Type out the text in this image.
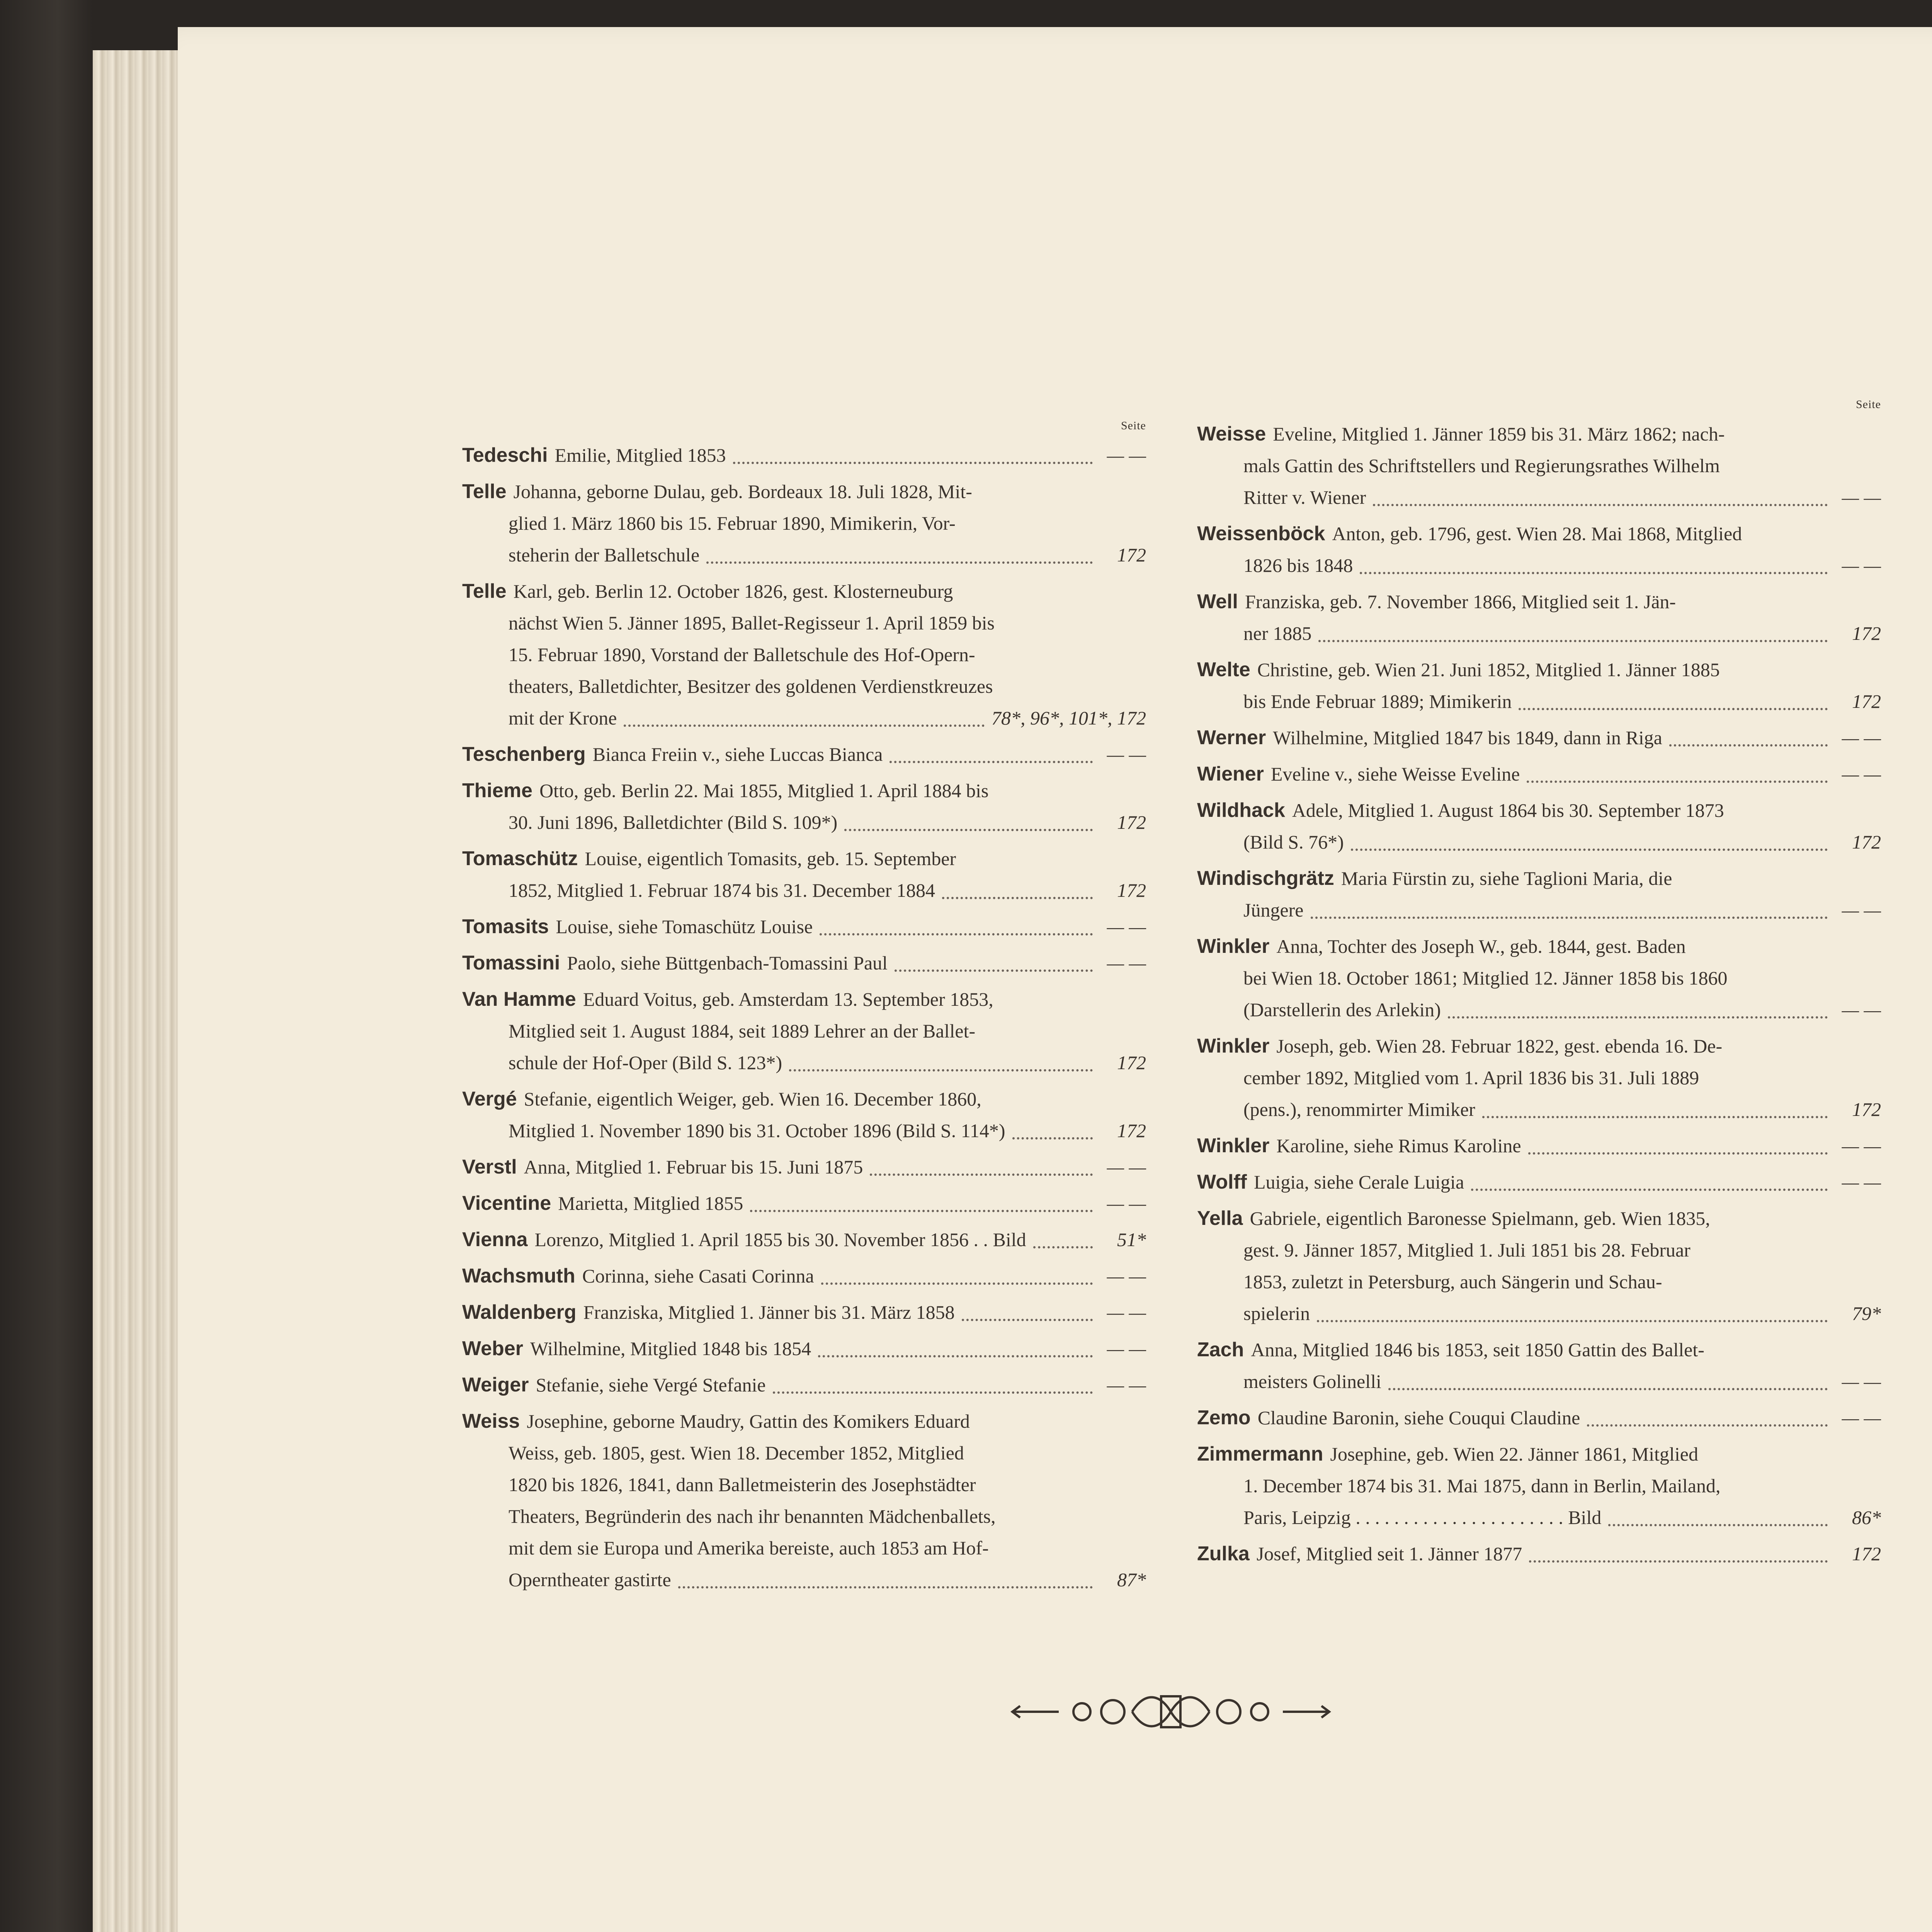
Seite
Tedeschi Emilie, Mitglied 1853	— —
Telle Johanna, geborne Dulau, geb. Bordeaux 18. Juli 1828, Mit-
glied 1. März 1860 bis 15. Februar 1890, Mimikerin, Vor-
steherin der Balletschule	172
Telle Karl, geb. Berlin 12. October 1826, gest. Klosterneuburg
nächst Wien 5. Jänner 1895, Ballet-Regisseur 1. April 1859 bis
15. Februar 1890, Vorstand der Balletschule des Hof-Opern-
theaters, Balletdichter, Besitzer des goldenen Verdienstkreuzes
mit der Krone	78*, 96*, 101*, 172
Teschenberg Bianca Freiin v., siehe Luccas Bianca	— —
Thieme Otto, geb. Berlin 22. Mai 1855, Mitglied 1. April 1884 bis
30. Juni 1896, Balletdichter (Bild S. 109*)	172
Tomaschütz Louise, eigentlich Tomasits, geb. 15. September
1852, Mitglied 1. Februar 1874 bis 31. December 1884	172
Tomasits Louise, siehe Tomaschütz Louise	— —
Tomassini Paolo, siehe Büttgenbach-Tomassini Paul	— —
Van Hamme Eduard Voitus, geb. Amsterdam 13. September 1853,
Mitglied seit 1. August 1884, seit 1889 Lehrer an der Ballet-
schule der Hof-Oper (Bild S. 123*)	172
Vergé Stefanie, eigentlich Weiger, geb. Wien 16. December 1860,
Mitglied 1. November 1890 bis 31. October 1896 (Bild S. 114*)	172
Verstl Anna, Mitglied 1. Februar bis 15. Juni 1875	— —
Vicentine Marietta, Mitglied 1855	— —
Vienna Lorenzo, Mitglied 1. April 1855 bis 30. November 1856 . . Bild	51*
Wachsmuth Corinna, siehe Casati Corinna	— —
Waldenberg Franziska, Mitglied 1. Jänner bis 31. März 1858	— —
Weber Wilhelmine, Mitglied 1848 bis 1854	— —
Weiger Stefanie, siehe Vergé Stefanie	— —
Weiss Josephine, geborne Maudry, Gattin des Komikers Eduard
Weiss, geb. 1805, gest. Wien 18. December 1852, Mitglied
1820 bis 1826, 1841, dann Balletmeisterin des Josephstädter
Theaters, Begründerin des nach ihr benannten Mädchenballets,
mit dem sie Europa und Amerika bereiste, auch 1853 am Hof-
Operntheater gastirte	87*
Seite
Weisse Eveline, Mitglied 1. Jänner 1859 bis 31. März 1862; nach-
mals Gattin des Schriftstellers und Regierungsrathes Wilhelm
Ritter v. Wiener	— —
Weissenböck Anton, geb. 1796, gest. Wien 28. Mai 1868, Mitglied
1826 bis 1848	— —
Well Franziska, geb. 7. November 1866, Mitglied seit 1. Jän-
ner 1885	172
Welte Christine, geb. Wien 21. Juni 1852, Mitglied 1. Jänner 1885
bis Ende Februar 1889; Mimikerin	172
Werner Wilhelmine, Mitglied 1847 bis 1849, dann in Riga	— —
Wiener Eveline v., siehe Weisse Eveline	— —
Wildhack Adele, Mitglied 1. August 1864 bis 30. September 1873
(Bild S. 76*)	172
Windischgrätz Maria Fürstin zu, siehe Taglioni Maria, die
Jüngere	— —
Winkler Anna, Tochter des Joseph W., geb. 1844, gest. Baden
bei Wien 18. October 1861; Mitglied 12. Jänner 1858 bis 1860
(Darstellerin des Arlekin)	— —
Winkler Joseph, geb. Wien 28. Februar 1822, gest. ebenda 16. De-
cember 1892, Mitglied vom 1. April 1836 bis 31. Juli 1889
(pens.), renommirter Mimiker	172
Winkler Karoline, siehe Rimus Karoline	— —
Wolff Luigia, siehe Cerale Luigia	— —
Yella Gabriele, eigentlich Baronesse Spielmann, geb. Wien 1835,
gest. 9. Jänner 1857, Mitglied 1. Juli 1851 bis 28. Februar
1853, zuletzt in Petersburg, auch Sängerin und Schau-
spielerin	79*
Zach Anna, Mitglied 1846 bis 1853, seit 1850 Gattin des Ballet-
meisters Golinelli	— —
Zemo Claudine Baronin, siehe Couqui Claudine	— —
Zimmermann Josephine, geb. Wien 22. Jänner 1861, Mitglied
1. December 1874 bis 31. Mai 1875, dann in Berlin, Mailand,
Paris, Leipzig . . . . . . . . . . . . . . . . . . . . . . Bild	86*
Zulka Josef, Mitglied seit 1. Jänner 1877	172
